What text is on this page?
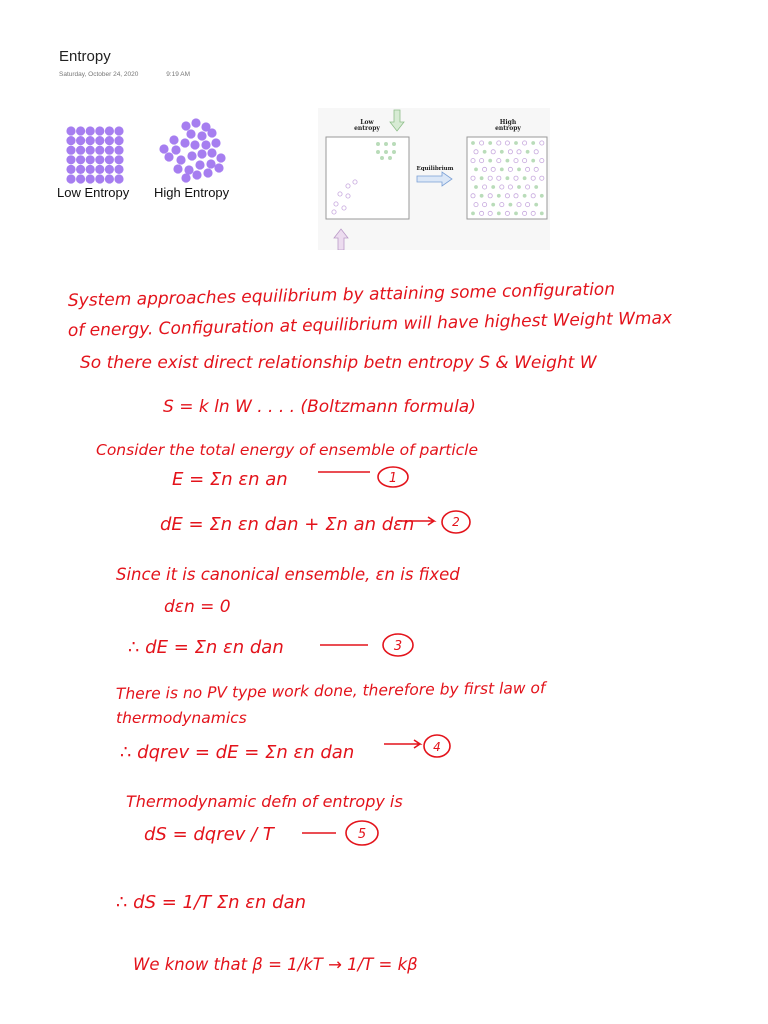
Entropy
Saturday, October 24, 2020	9:19 AM
Low Entropy High Entropy
Low entropy
High entropy
Equilibrium
System approaches equilibrium by attaining some configuration
of energy. Configuration at equilibrium will have highest Weight Wmax
So there exist direct relationship betn entropy S & Weight W
S = k ln W . . . . (Boltzmann formula)
Consider the total energy of ensemble of particle
E = Σn εn an	1
dE = Σn εn dan + Σn an dεn	2
Since it is canonical ensemble, εn is fixed
dεn = 0
∴ dE = Σn εn dan	3
There is no PV type work done, therefore by first law of
thermodynamics
∴ dqrev = dE = Σn εn dan	4
Thermodynamic defn of entropy is
dS = dqrev / T	5
∴ dS = 1/T Σn εn dan
We know that β = 1/kT → 1/T = kβ
